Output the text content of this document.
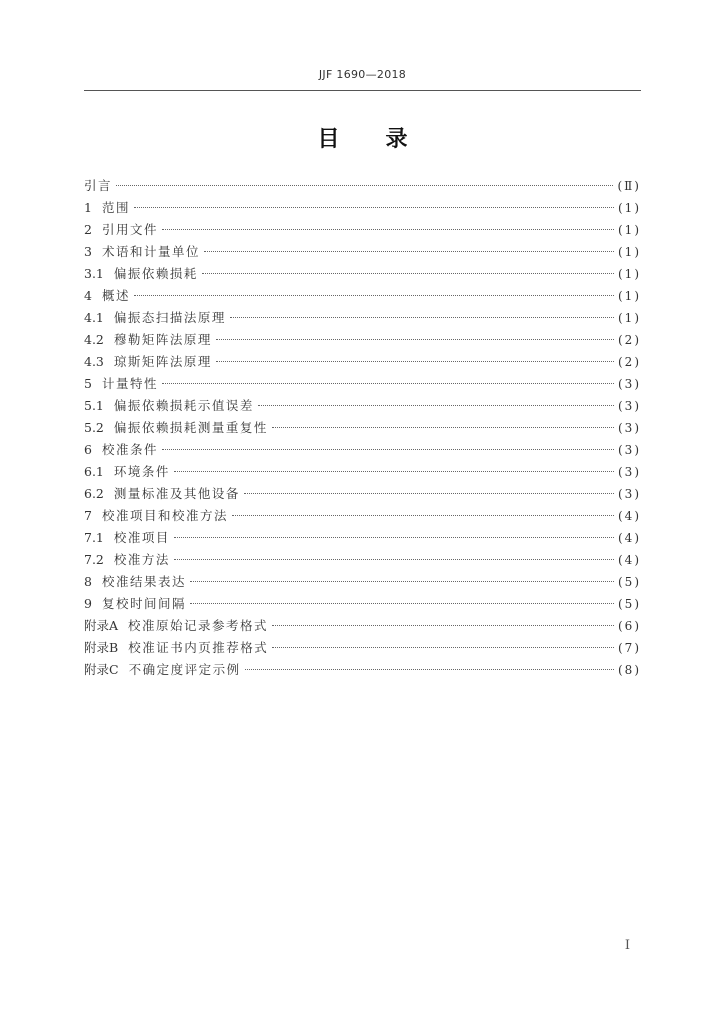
JJF 1690—2018
目录
引言	(Ⅱ)
1 范围	(1)
2 引用文件	(1)
3 术语和计量单位	(1)
3.1 偏振依赖损耗	(1)
4 概述	(1)
4.1 偏振态扫描法原理	(1)
4.2 穆勒矩阵法原理	(2)
4.3 琼斯矩阵法原理	(2)
5 计量特性	(3)
5.1 偏振依赖损耗示值误差	(3)
5.2 偏振依赖损耗测量重复性	(3)
6 校准条件	(3)
6.1 环境条件	(3)
6.2 测量标准及其他设备	(3)
7 校准项目和校准方法	(4)
7.1 校准项目	(4)
7.2 校准方法	(4)
8 校准结果表达	(5)
9 复校时间间隔	(5)
附录A 校准原始记录参考格式	(6)
附录B 校准证书内页推荐格式	(7)
附录C 不确定度评定示例	(8)
I
